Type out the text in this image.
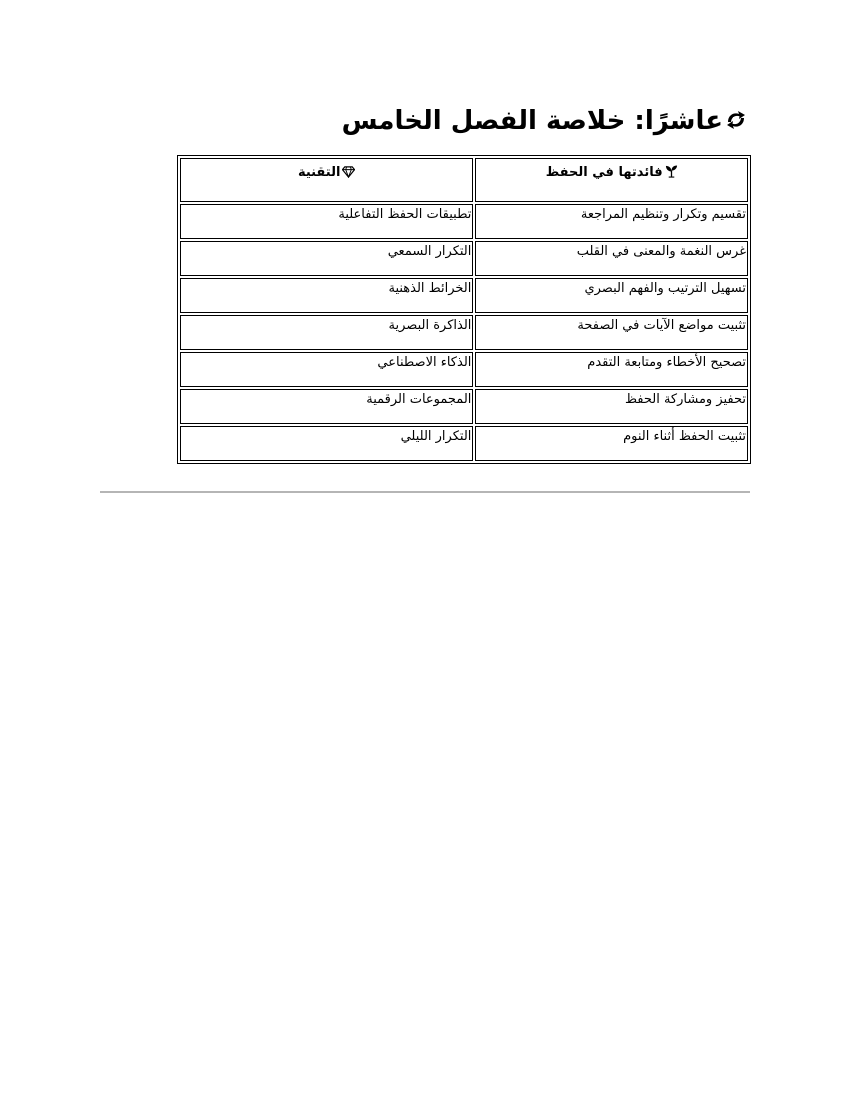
عاشرًا: خلاصة الفصل الخامس
فائدتها في الحفظ	التقنية
تقسيم وتكرار وتنظيم المراجعة	تطبيقات الحفظ التفاعلية
غرس النغمة والمعنى في القلب	التكرار السمعي
تسهيل الترتيب والفهم البصري	الخرائط الذهنية
تثبيت مواضع الآيات في الصفحة	الذاكرة البصرية
تصحيح الأخطاء ومتابعة التقدم	الذكاء الاصطناعي
تحفيز ومشاركة الحفظ	المجموعات الرقمية
تثبيت الحفظ أثناء النوم	التكرار الليلي
